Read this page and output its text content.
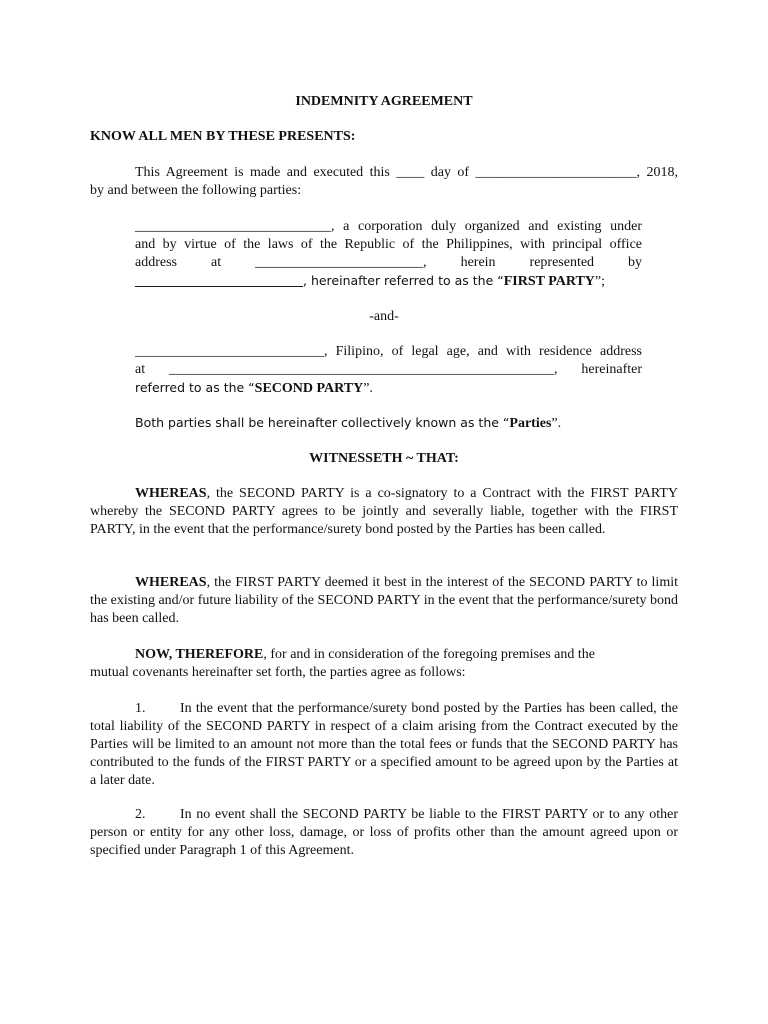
INDEMNITY AGREEMENT

KNOW ALL MEN BY THESE PRESENTS:

This Agreement is made and executed this ____ day of _______________________, 2018,
by and between the following parties:
____________________________, a corporation duly organized and existing under
and by virtue of the laws of the Republic of the Philippines, with principal office
address at ________________________, herein represented by
________________________, hereinafter referred to as the “FIRST PARTY”;

-and-

___________________________, Filipino, of legal age, and with residence address
at _______________________________________________________, hereinafter
referred to as the “SECOND PARTY”.

Both parties shall be hereinafter collectively known as the “Parties”.

WITNESSETH ~ THAT:

WHEREAS, the SECOND PARTY is a co-signatory to a Contract with the FIRST PARTY whereby the SECOND PARTY agrees to be jointly and severally liable, together with the FIRST PARTY, in the event that the performance/surety bond posted by the Parties has been called.

WHEREAS, the FIRST PARTY deemed it best in the interest of the SECOND PARTY to limit the existing and/or future liability of the SECOND PARTY in the event that the performance/surety bond has been called.

NOW, THEREFORE, for and in consideration of the foregoing premises and the
mutual covenants hereinafter set forth, the parties agree as follows:

1. In the event that the performance/surety bond posted by the Parties has been called, the total liability of the SECOND PARTY in respect of a claim arising from the Contract executed by the Parties will be limited to an amount not more than the total fees or funds that the SECOND PARTY has contributed to the funds of the FIRST PARTY or a specified amount to be agreed upon by the Parties at a later date.

2. In no event shall the SECOND PARTY be liable to the FIRST PARTY or to any other person or entity for any other loss, damage, or loss of profits other than the amount agreed upon or specified under Paragraph 1 of this Agreement.
